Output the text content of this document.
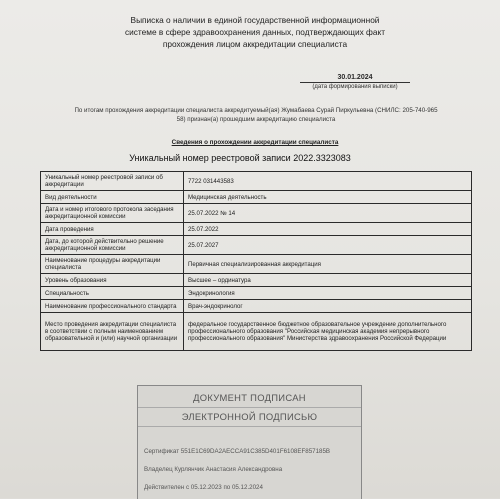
Выписка о наличии в единой государственной информационной
системе в сфере здравоохранения данных, подтверждающих факт
прохождения лицом аккредитации специалиста
30.01.2024
(дата формирования выписки)
По итогам прохождения аккредитации специалиста аккредитуемый(ая) Жумабаева Сурай Пиркульевна (СНИЛС: 205-740-965
58) признан(а) прошедшим аккредитацию специалиста
Сведения о прохождении аккредитации специалиста
Уникальный номер реестровой записи 2022.3323083
Уникальный номер реестровой записи об аккредитации	7722 031443583
Вид деятельности	Медицинская деятельность
Дата и номер итогового протокола заседания аккредитационной комиссии	25.07.2022 № 14
Дата проведения	25.07.2022
Дата, до которой действительно решение аккредитационной комиссии	25.07.2027
Наименование процедуры аккредитации специалиста	Первичная специализированная аккредитация
Уровень образования	Высшее – ординатура
Специальность	Эндокринология
Наименование профессионального стандарта	Врач-эндокринолог
Место проведения аккредитации специалиста в соответствии с полным наименованием образовательной и (или) научной организации	федеральное государственное бюджетное образовательное учреждение дополнительного профессионального образования "Российская медицинская академия непрерывного профессионального образования" Министерства здравоохранения Российской Федерации
ДОКУМЕНТ ПОДПИСАН
ЭЛЕКТРОННОЙ ПОДПИСЬЮ
Сертификат 551E1C69DA2AECCA91C385D401F6108EF857185B
Владелец Курлянчик Анастасия Александровна
Действителен с 05.12.2023 по 05.12.2024
